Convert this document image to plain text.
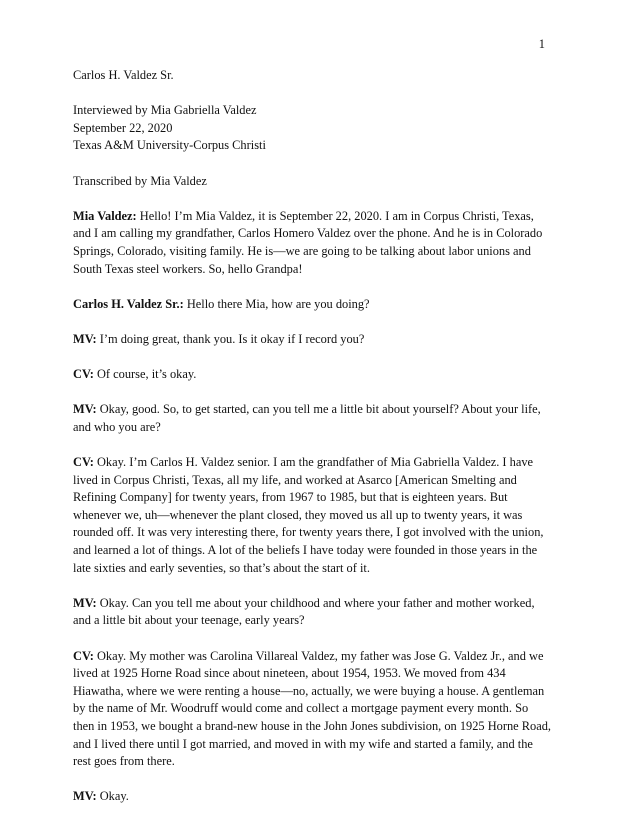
1

Carlos H. Valdez Sr.

Interviewed by Mia Gabriella Valdez

September 22, 2020

Texas A&M University-Corpus Christi

Transcribed by Mia Valdez

Mia Valdez: Hello! I’m Mia Valdez, it is September 22, 2020. I am in Corpus Christi, Texas, and I am calling my grandfather, Carlos Homero Valdez over the phone. And he is in Colorado Springs, Colorado, visiting family. He is—we are going to be talking about labor unions and South Texas steel workers. So, hello Grandpa!

Carlos H. Valdez Sr.: Hello there Mia, how are you doing?

MV: I’m doing great, thank you. Is it okay if I record you?

CV: Of course, it’s okay.

MV: Okay, good. So, to get started, can you tell me a little bit about yourself? About your life, and who you are?

CV: Okay. I’m Carlos H. Valdez senior. I am the grandfather of Mia Gabriella Valdez. I have lived in Corpus Christi, Texas, all my life, and worked at Asarco [American Smelting and Refining Company] for twenty years, from 1967 to 1985, but that is eighteen years. But whenever we, uh—whenever the plant closed, they moved us all up to twenty years, it was rounded off. It was very interesting there, for twenty years there, I got involved with the union, and learned a lot of things. A lot of the beliefs I have today were founded in those years in the late sixties and early seventies, so that’s about the start of it.

MV: Okay. Can you tell me about your childhood and where your father and mother worked, and a little bit about your teenage, early years?

CV: Okay. My mother was Carolina Villareal Valdez, my father was Jose G. Valdez Jr., and we lived at 1925 Horne Road since about nineteen, about 1954, 1953. We moved from 434 Hiawatha, where we were renting a house—no, actually, we were buying a house. A gentleman by the name of Mr. Woodruff would come and collect a mortgage payment every month. So then in 1953, we bought a brand-new house in the John Jones subdivision, on 1925 Horne Road, and I lived there until I got married, and moved in with my wife and started a family, and the rest goes from there.

MV: Okay.
